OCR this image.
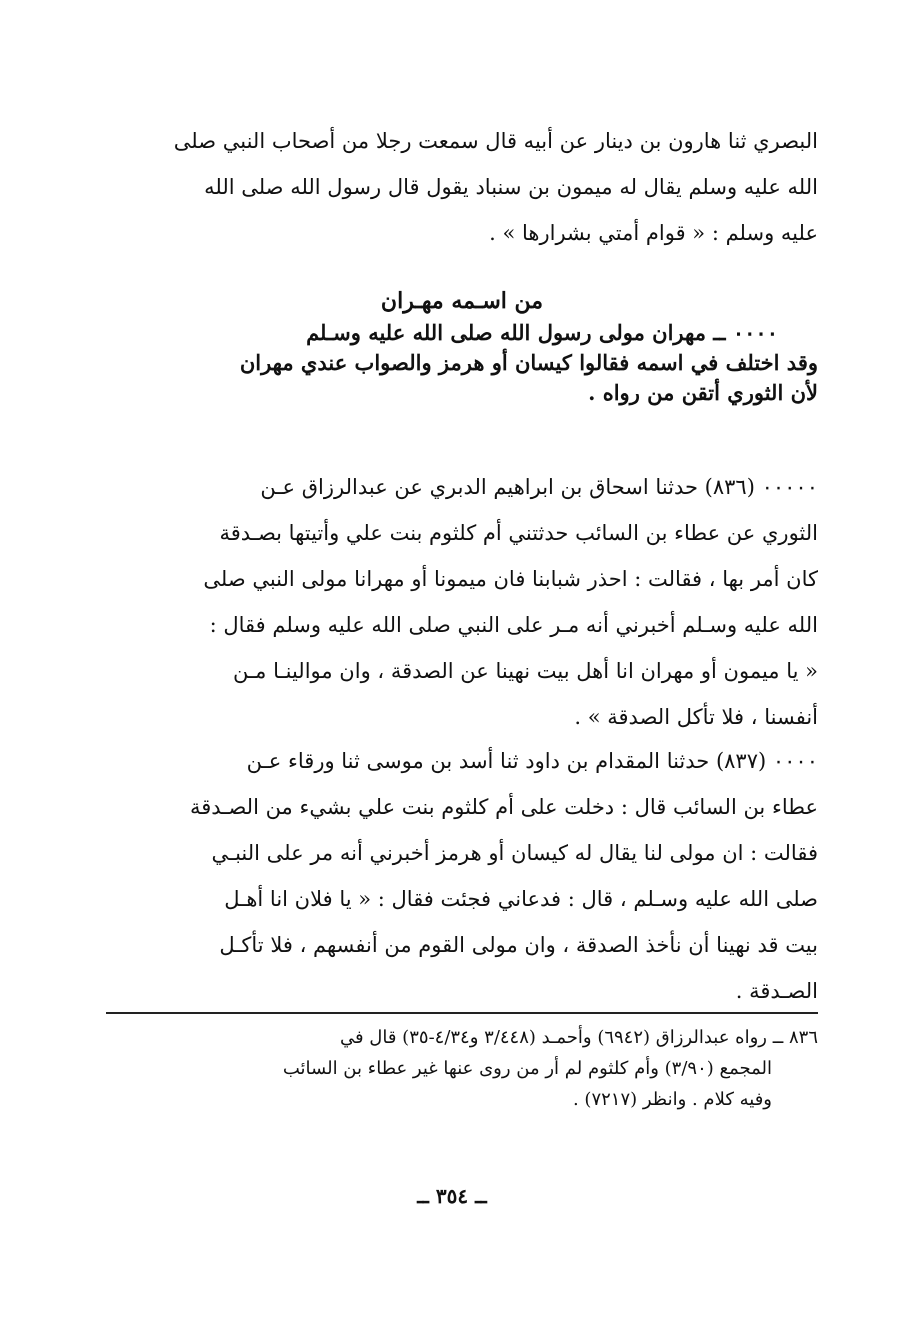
البصري ثنا هارون بن دينار عن أبيه قال سمعت رجلا من أصحاب النبي صلى
الله عليه وسلم يقال له ميمون بن سنباد يقول قال رسول الله صلى الله
عليه وسلم : « قوام أمتي بشرارها » .
من اسـمه مهـران
٠٠٠٠ ــ مهران مولى رسول الله صلى الله عليه وسـلم
وقد اختلف في اسمه فقالوا كيسان أو هرمز والصواب عندي مهران
لأن الثوري أتقن من رواه .
٠٠٠٠٠ (٨٣٦) حدثنا اسحاق بن ابراهيم الدبري عن عبدالرزاق عـن
الثوري عن عطاء بن السائب حدثتني أم كلثوم بنت علي وأتيتها بصـدقة
كان أمر بها ، فقالت : احذر شبابنا فان ميمونا أو مهرانا مولى النبي صلى
الله عليه وسـلم أخبرني أنه مـر على النبي صلى الله عليه وسلم فقال :
« يا ميمون أو مهران انا أهل بيت نهينا عن الصدقة ، وان موالينـا مـن
أنفسنا ، فلا تأكل الصدقة » .
٠٠٠٠ (٨٣٧) حدثنا المقدام بن داود ثنا أسد بن موسى ثنا ورقاء عـن
عطاء بن السائب قال : دخلت على أم كلثوم بنت علي بشيء من الصـدقة
فقالت : ان مولى لنا يقال له كيسان أو هرمز أخبرني أنه مر على النبـي
صلى الله عليه وسـلم ، قال : فدعاني فجئت فقال : « يا فلان انا أهـل
بيت قد نهينا أن نأخذ الصدقة ، وان مولى القوم من أنفسهم ، فلا تأكـل
الصـدقة .
٨٣٦ ــ رواه عبدالرزاق (٦٩٤٢) وأحمـد (٣/٤٤٨ و٤/٣٤-٣٥) قال في
المجمع (٣/٩٠) وأم كلثوم لم أر من روى عنها غير عطاء بن السائب
وفيه كلام . وانظر (٧٢١٧) .
ــ ٣٥٤ ــ
